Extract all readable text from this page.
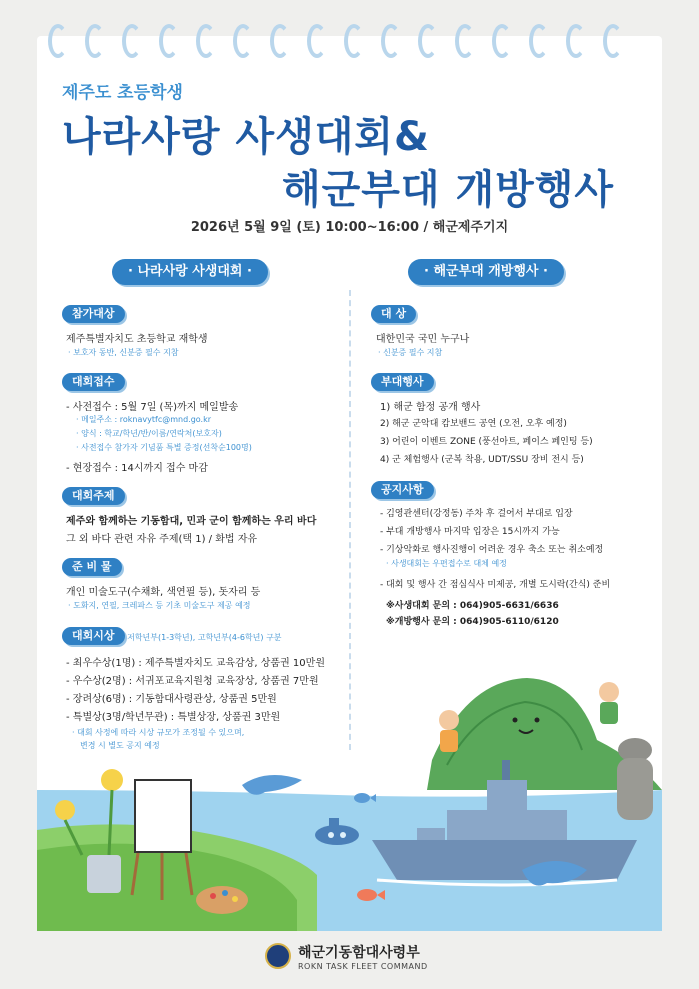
제주도 초등학생
나라사랑 사생대회&
해군부대 개방행사
2026년 5월 9일 (토) 10:00~16:00 / 해군제주기지
· 나라사랑 사생대회 ·
참가대상
제주특별자치도 초등학교 재학생
· 보호자 동반, 신분증 필수 지참
대회접수
- 사전접수 : 5월 7일 (목)까지 메일발송
· 메일주소 : roknavytfc@mnd.go.kr
· 양식 : 학교/학년/반/이름/연락처(보호자)
· 사전접수 참가자 기념품 특별 증정(선착순100명)
- 현장접수 : 14시까지 접수 마감
대회주제
제주와 함께하는 기동함대, 민과 군이 함께하는 우리 바다
그 외 바다 관련 자유 주제(택 1) / 화법 자유
준 비 물
개인 미술도구(수채화, 색연필 등), 돗자리 등
· 도화지, 연필, 크레파스 등 기초 미술도구 제공 예정
대회시상 · 저학년부(1-3학년), 고학년부(4-6학년) 구분
- 최우수상(1명) : 제주특별자치도 교육감상, 상품권 10만원
- 우수상(2명) : 서귀포교육지원청 교육장상, 상품권 7만원
- 장려상(6명) : 기동함대사령관상, 상품권 5만원
- 특별상(3명/학년무관) : 특별상장, 상품권 3만원
· 대회 사정에 따라 시상 규모가 조정될 수 있으며,
변경 시 별도 공지 예정
· 해군부대 개방행사 ·
대 상
대한민국 국민 누구나
· 신분증 필수 지참
부대행사
1) 해군 함정 공개 행사
2) 해군 군악대 캄보밴드 공연 (오전, 오후 예정)
3) 어린이 이벤트 ZONE (풍선아트, 페이스 페인팅 등)
4) 군 체험행사 (군복 착용, UDT/SSU 장비 전시 등)
공지사항
- 김영관센터(강정동) 주차 후 걸어서 부대로 입장
- 부대 개방행사 마지막 입장은 15시까지 가능
- 기상악화로 행사진행이 어려운 경우 축소 또는 취소예정
· 사생대회는 우편접수로 대체 예정
- 대회 및 행사 간 점심식사 미제공, 개별 도시락(간식) 준비
※사생대회 문의 : 064)905-6631/6636
※개방행사 문의 : 064)905-6110/6120
해군기동함대사령부
ROKN TASK FLEET COMMAND
